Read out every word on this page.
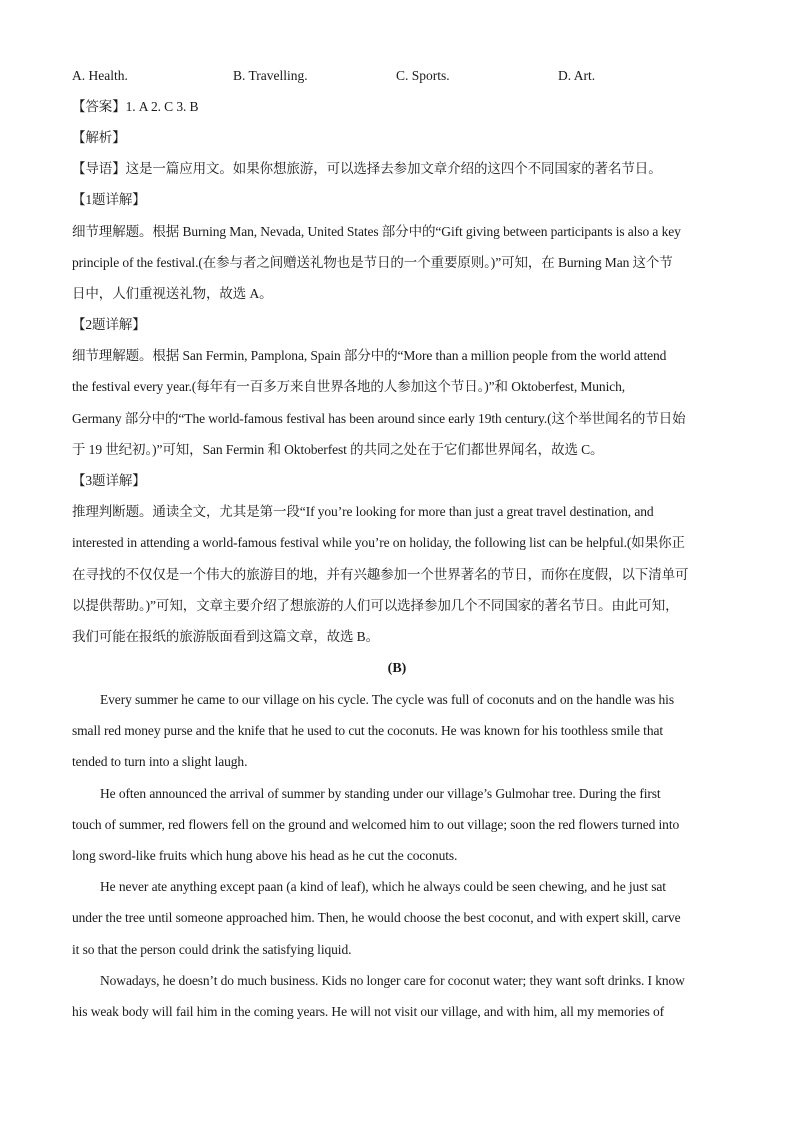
A. Health.	B. Travelling.	C. Sports.	D. Art.
【答案】1. A 2. C 3. B
【解析】
【导语】这是一篇应用文。如果你想旅游，可以选择去参加文章介绍的这四个不同国家的著名节日。
【1题详解】
细节理解题。根据 Burning Man, Nevada, United States 部分中的“Gift giving between participants is also a key
principle of the festival.(在参与者之间赠送礼物也是节日的一个重要原则。)”可知，在 Burning Man 这个节
日中，人们重视送礼物，故选 A。
【2题详解】
细节理解题。根据 San Fermin, Pamplona, Spain 部分中的“More than a million people from the world attend
the festival every year.(每年有一百多万来自世界各地的人参加这个节日。)”和 Oktoberfest, Munich,
Germany 部分中的“The world-famous festival has been around since early 19th century.(这个举世闻名的节日始
于 19 世纪初。)”可知，San Fermin 和 Oktoberfest 的共同之处在于它们都世界闻名，故选 C。
【3题详解】
推理判断题。通读全文，尤其是第一段“If you’re looking for more than just a great travel destination, and
interested in attending a world-famous festival while you’re on holiday, the following list can be helpful.(如果你正
在寻找的不仅仅是一个伟大的旅游目的地，并有兴趣参加一个世界著名的节日，而你在度假，以下清单可
以提供帮助。)”可知，文章主要介绍了想旅游的人们可以选择参加几个不同国家的著名节日。由此可知，
我们可能在报纸的旅游版面看到这篇文章，故选 B。
(B)
Every summer he came to our village on his cycle. The cycle was full of coconuts and on the handle was his
small red money purse and the knife that he used to cut the coconuts. He was known for his toothless smile that
tended to turn into a slight laugh.
He often announced the arrival of summer by standing under our village’s Gulmohar tree. During the first
touch of summer, red flowers fell on the ground and welcomed him to out village; soon the red flowers turned into
long sword-like fruits which hung above his head as he cut the coconuts.
He never ate anything except paan (a kind of leaf), which he always could be seen chewing, and he just sat
under the tree until someone approached him. Then, he would choose the best coconut, and with expert skill, carve
it so that the person could drink the satisfying liquid.
Nowadays, he doesn’t do much business. Kids no longer care for coconut water; they want soft drinks. I know
his weak body will fail him in the coming years. He will not visit our village, and with him, all my memories of
